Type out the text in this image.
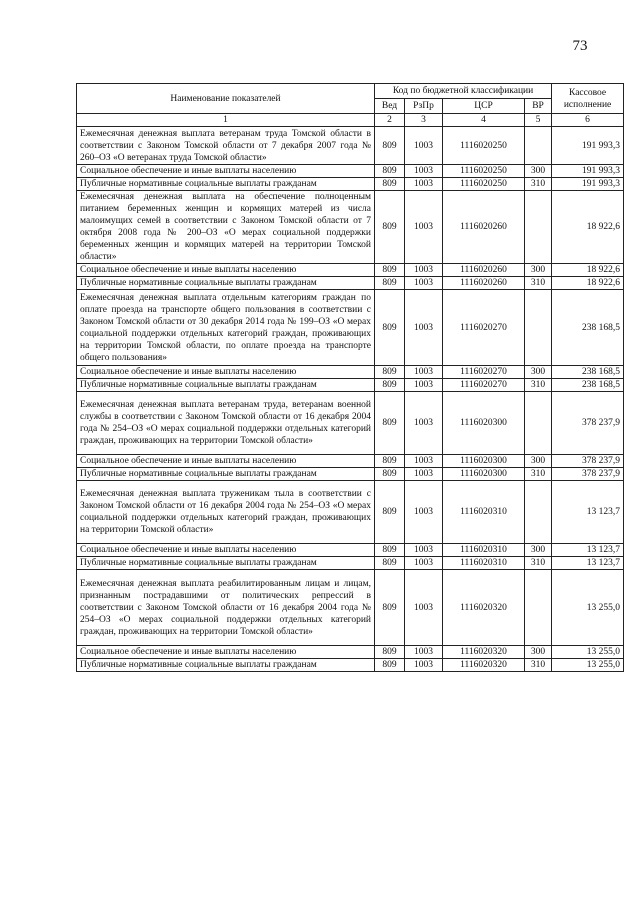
73
Наименование показателей	Код по бюджетной классификации				Кассовое исполнение
	Вед	РзПр	ЦСР	ВР	
1	2	3	4	5	6
Ежемесячная денежная выплата ветеранам труда Томской области в соответствии с Законом Томской области от 7 декабря 2007 года № 260–ОЗ «О ветеранах труда Томской области»	809	1003	1116020250		191 993,3
Социальное обеспечение и иные выплаты населению	809	1003	1116020250	300	191 993,3
Публичные нормативные социальные выплаты гражданам	809	1003	1116020250	310	191 993,3
Ежемесячная денежная выплата на обеспечение полноценным питанием беременных женщин и кормящих матерей из числа малоимущих семей в соответствии с Законом Томской области от 7 октября 2008 года № 200–ОЗ «О мерах социальной поддержки беременных женщин и кормящих матерей на территории Томской области»	809	1003	1116020260		18 922,6
Социальное обеспечение и иные выплаты населению	809	1003	1116020260	300	18 922,6
Публичные нормативные социальные выплаты гражданам	809	1003	1116020260	310	18 922,6
Ежемесячная денежная выплата отдельным категориям граждан по оплате проезда на транспорте общего пользования в соответствии с Законом Томской области от 30 декабря 2014 года № 199–ОЗ «О мерах социальной поддержки отдельных категорий граждан, проживающих на территории Томской области, по оплате проезда на транспорте общего пользования»	809	1003	1116020270		238 168,5
Социальное обеспечение и иные выплаты населению	809	1003	1116020270	300	238 168,5
Публичные нормативные социальные выплаты гражданам	809	1003	1116020270	310	238 168,5
Ежемесячная денежная выплата ветеранам труда, ветеранам военной службы в соответствии с Законом Томской области от 16 декабря 2004 года № 254–ОЗ «О мерах социальной поддержки отдельных категорий граждан, проживающих на территории Томской области»	809	1003	1116020300		378 237,9
Социальное обеспечение и иные выплаты населению	809	1003	1116020300	300	378 237,9
Публичные нормативные социальные выплаты гражданам	809	1003	1116020300	310	378 237,9
Ежемесячная денежная выплата труженикам тыла в соответствии с Законом Томской области от 16 декабря 2004 года № 254–ОЗ «О мерах социальной поддержки отдельных категорий граждан, проживающих на территории Томской области»	809	1003	1116020310		13 123,7
Социальное обеспечение и иные выплаты населению	809	1003	1116020310	300	13 123,7
Публичные нормативные социальные выплаты гражданам	809	1003	1116020310	310	13 123,7
Ежемесячная денежная выплата реабилитированным лицам и лицам, признанным пострадавшими от политических репрессий в соответствии с Законом Томской области от 16 декабря 2004 года № 254–ОЗ «О мерах социальной поддержки отдельных категорий граждан, проживающих на территории Томской области»	809	1003	1116020320		13 255,0
Социальное обеспечение и иные выплаты населению	809	1003	1116020320	300	13 255,0
Публичные нормативные социальные выплаты гражданам	809	1003	1116020320	310	13 255,0
